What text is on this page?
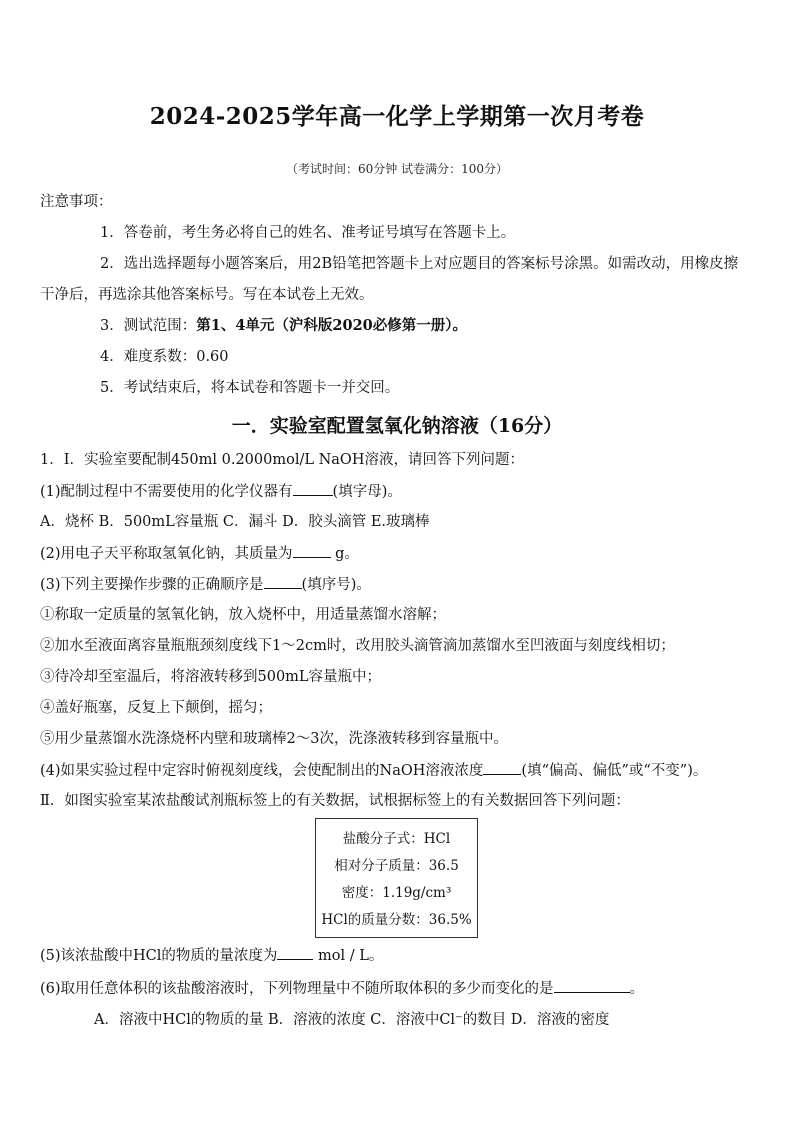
2024-2025学年高一化学上学期第一次月考卷
（考试时间：60分钟 试卷满分：100分）
注意事项：
1．答卷前，考生务必将自己的姓名、准考证号填写在答题卡上。
2．选出选择题每小题答案后，用2B铅笔把答题卡上对应题目的答案标号涂黑。如需改动，用橡皮擦
干净后，再选涂其他答案标号。写在本试卷上无效。
3．测试范围：第1、4单元（沪科版2020必修第一册）。
4．难度系数：0.60
5．考试结束后，将本试卷和答题卡一并交回。
一．实验室配置氢氧化钠溶液（16分）
1．Ⅰ．实验室要配制450ml 0.2000mol/L NaOH溶液，请回答下列问题：
(1)配制过程中不需要使用的化学仪器有	(填字母)。
A．烧杯 B．500mL容量瓶 C．漏斗 D．胶头滴管 E.玻璃棒
(2)用电子天平称取氢氧化钠，其质量为	g。
(3)下列主要操作步骤的正确顺序是	(填序号)。
①称取一定质量的氢氧化钠，放入烧杯中，用适量蒸馏水溶解；
②加水至液面离容量瓶瓶颈刻度线下1～2cm时，改用胶头滴管滴加蒸馏水至凹液面与刻度线相切；
③待冷却至室温后，将溶液转移到500mL容量瓶中；
④盖好瓶塞，反复上下颠倒，摇匀；
⑤用少量蒸馏水洗涤烧杯内壁和玻璃棒2～3次，洗涤液转移到容量瓶中。
(4)如果实验过程中定容时俯视刻度线，会使配制出的NaOH溶液浓度	(填“偏高、偏低”或“不变”)。
Ⅱ．如图实验室某浓盐酸试剂瓶标签上的有关数据，试根据标签上的有关数据回答下列问题：
盐酸分子式：HCl
相对分子质量：36.5
密度：1.19g/cm³
HCl的质量分数：36.5%
(5)该浓盐酸中HCl的物质的量浓度为 mol / L。
(6)取用任意体积的该盐酸溶液时，下列物理量中不随所取体积的多少而变化的是	。
A．溶液中HCl的物质的量 B．溶液的浓度 C．溶液中Cl⁻的数目 D．溶液的密度
